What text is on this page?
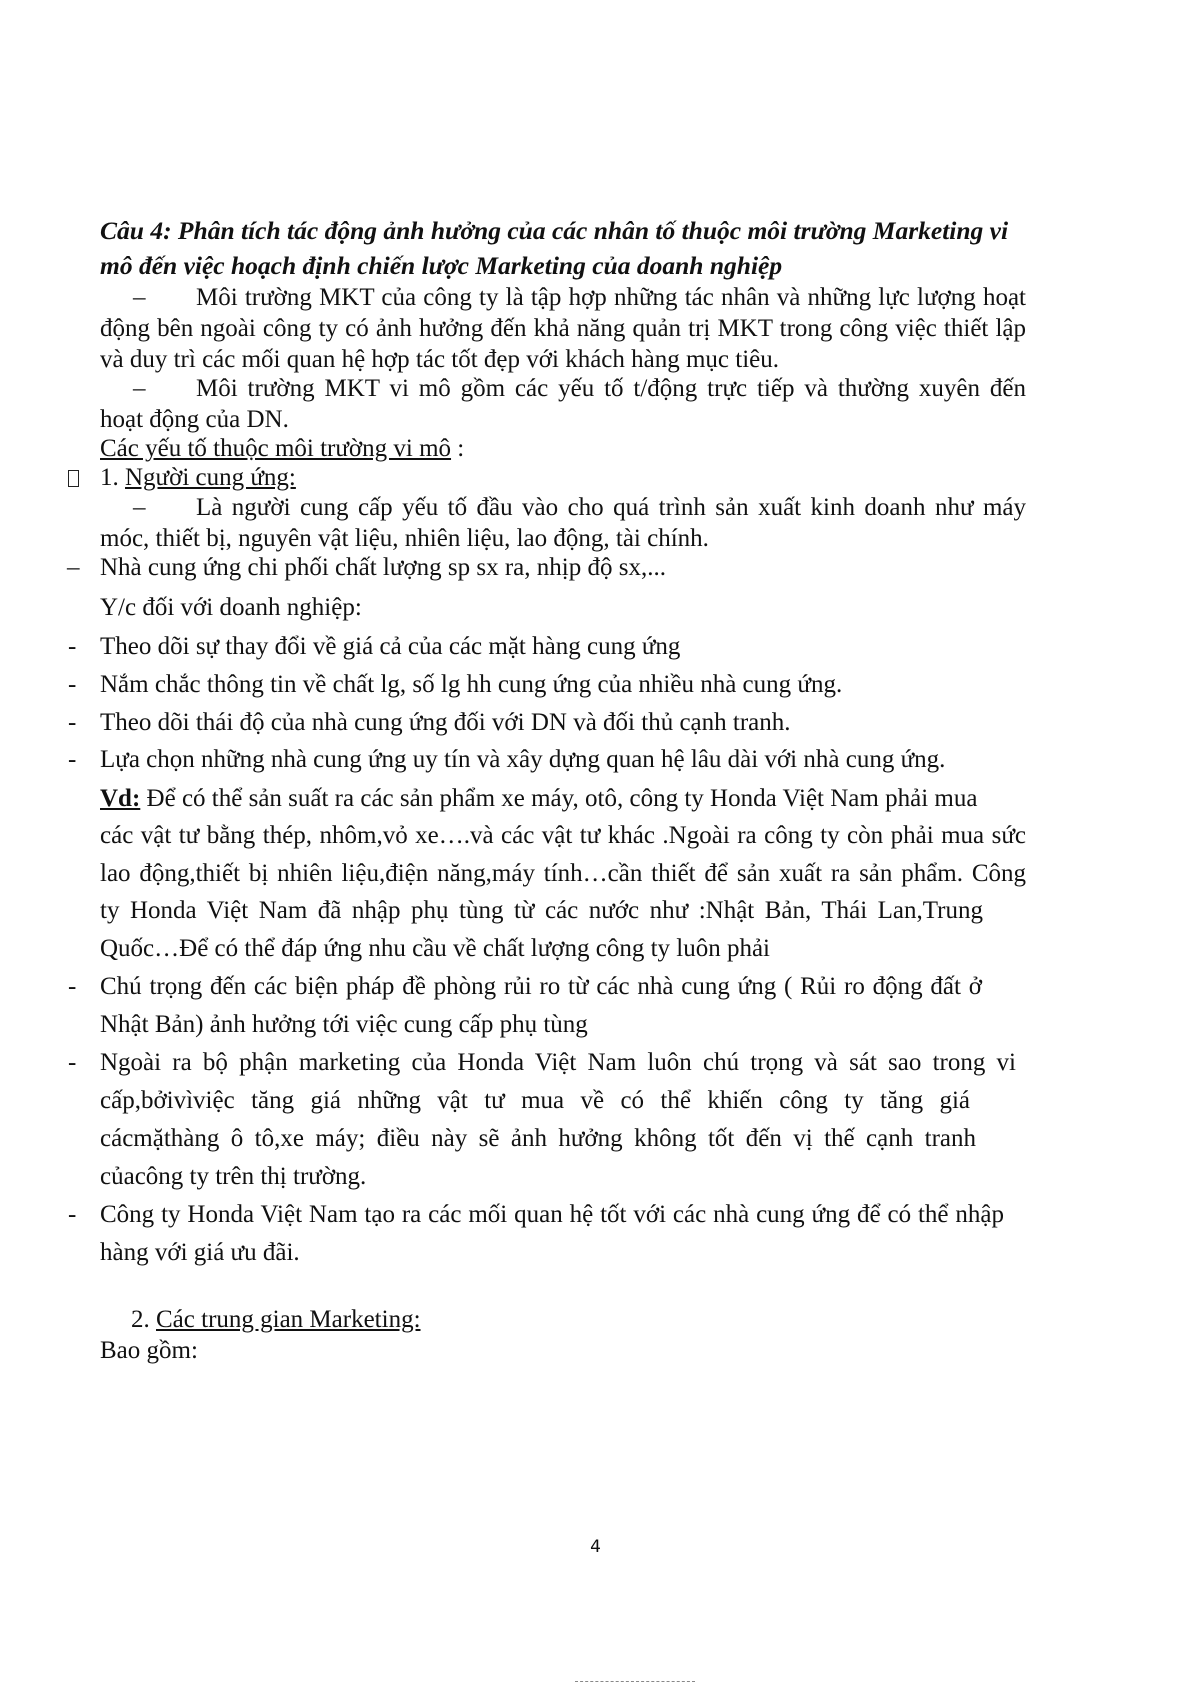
Câu 4: Phân tích tác động ảnh hưởng của các nhân tố thuộc môi trường Marketing vi
mô đến việc hoạch định chiến lược Marketing của doanh nghiệp
– Môi trường MKT của công ty là tập hợp những tác nhân và những lực lượng hoạt
động bên ngoài công ty có ảnh hưởng đến khả năng quản trị MKT trong công việc thiết lập
và duy trì các mối quan hệ hợp tác tốt đẹp với khách hàng mục tiêu.
– Môi trường MKT vi mô gồm các yếu tố t/động trực tiếp và thường xuyên đến
hoạt động của DN.
Các yếu tố thuộc môi trường vi mô :
1. Người cung ứng:
– Là người cung cấp yếu tố đầu vào cho quá trình sản xuất kinh doanh như máy
móc, thiết bị, nguyên vật liệu, nhiên liệu, lao động, tài chính.
– Nhà cung ứng chi phối chất lượng sp sx ra, nhịp độ sx,...
Y/c đối với doanh nghiệp:
- Theo dõi sự thay đổi về giá cả của các mặt hàng cung ứng
- Nắm chắc thông tin về chất lg, số lg hh cung ứng của nhiều nhà cung ứng.
- Theo dõi thái độ của nhà cung ứng đối với DN và đối thủ cạnh tranh.
- Lựa chọn những nhà cung ứng uy tín và xây dựng quan hệ lâu dài với nhà cung ứng.
Vd: Để có thể sản suất ra các sản phẩm xe máy, otô, công ty Honda Việt Nam phải mua
các vật tư bằng thép, nhôm,vỏ xe….và các vật tư khác .Ngoài ra công ty còn phải mua sức
lao động,thiết bị nhiên liệu,điện năng,máy tính…cần thiết để sản xuất ra sản phẩm. Công
ty Honda Việt Nam đã nhập phụ tùng từ các nước như :Nhật Bản, Thái Lan,Trung
Quốc…Để có thể đáp ứng nhu cầu về chất lượng công ty luôn phải
- Chú trọng đến các biện pháp đề phòng rủi ro từ các nhà cung ứng ( Rủi ro động đất ở
Nhật Bản) ảnh hưởng tới việc cung cấp phụ tùng
- Ngoài ra bộ phận marketing của Honda Việt Nam luôn chú trọng và sát sao trong vi
cấp,bởivìviệc tăng giá những vật tư mua về có thể khiến công ty tăng giá
cácmặthàng ô tô,xe máy; điều này sẽ ảnh hưởng không tốt đến vị thế cạnh tranh
củacông ty trên thị trường.
- Công ty Honda Việt Nam tạo ra các mối quan hệ tốt với các nhà cung ứng để có thể nhập
hàng với giá ưu đãi.
2. Các trung gian Marketing:
Bao gồm:
4
